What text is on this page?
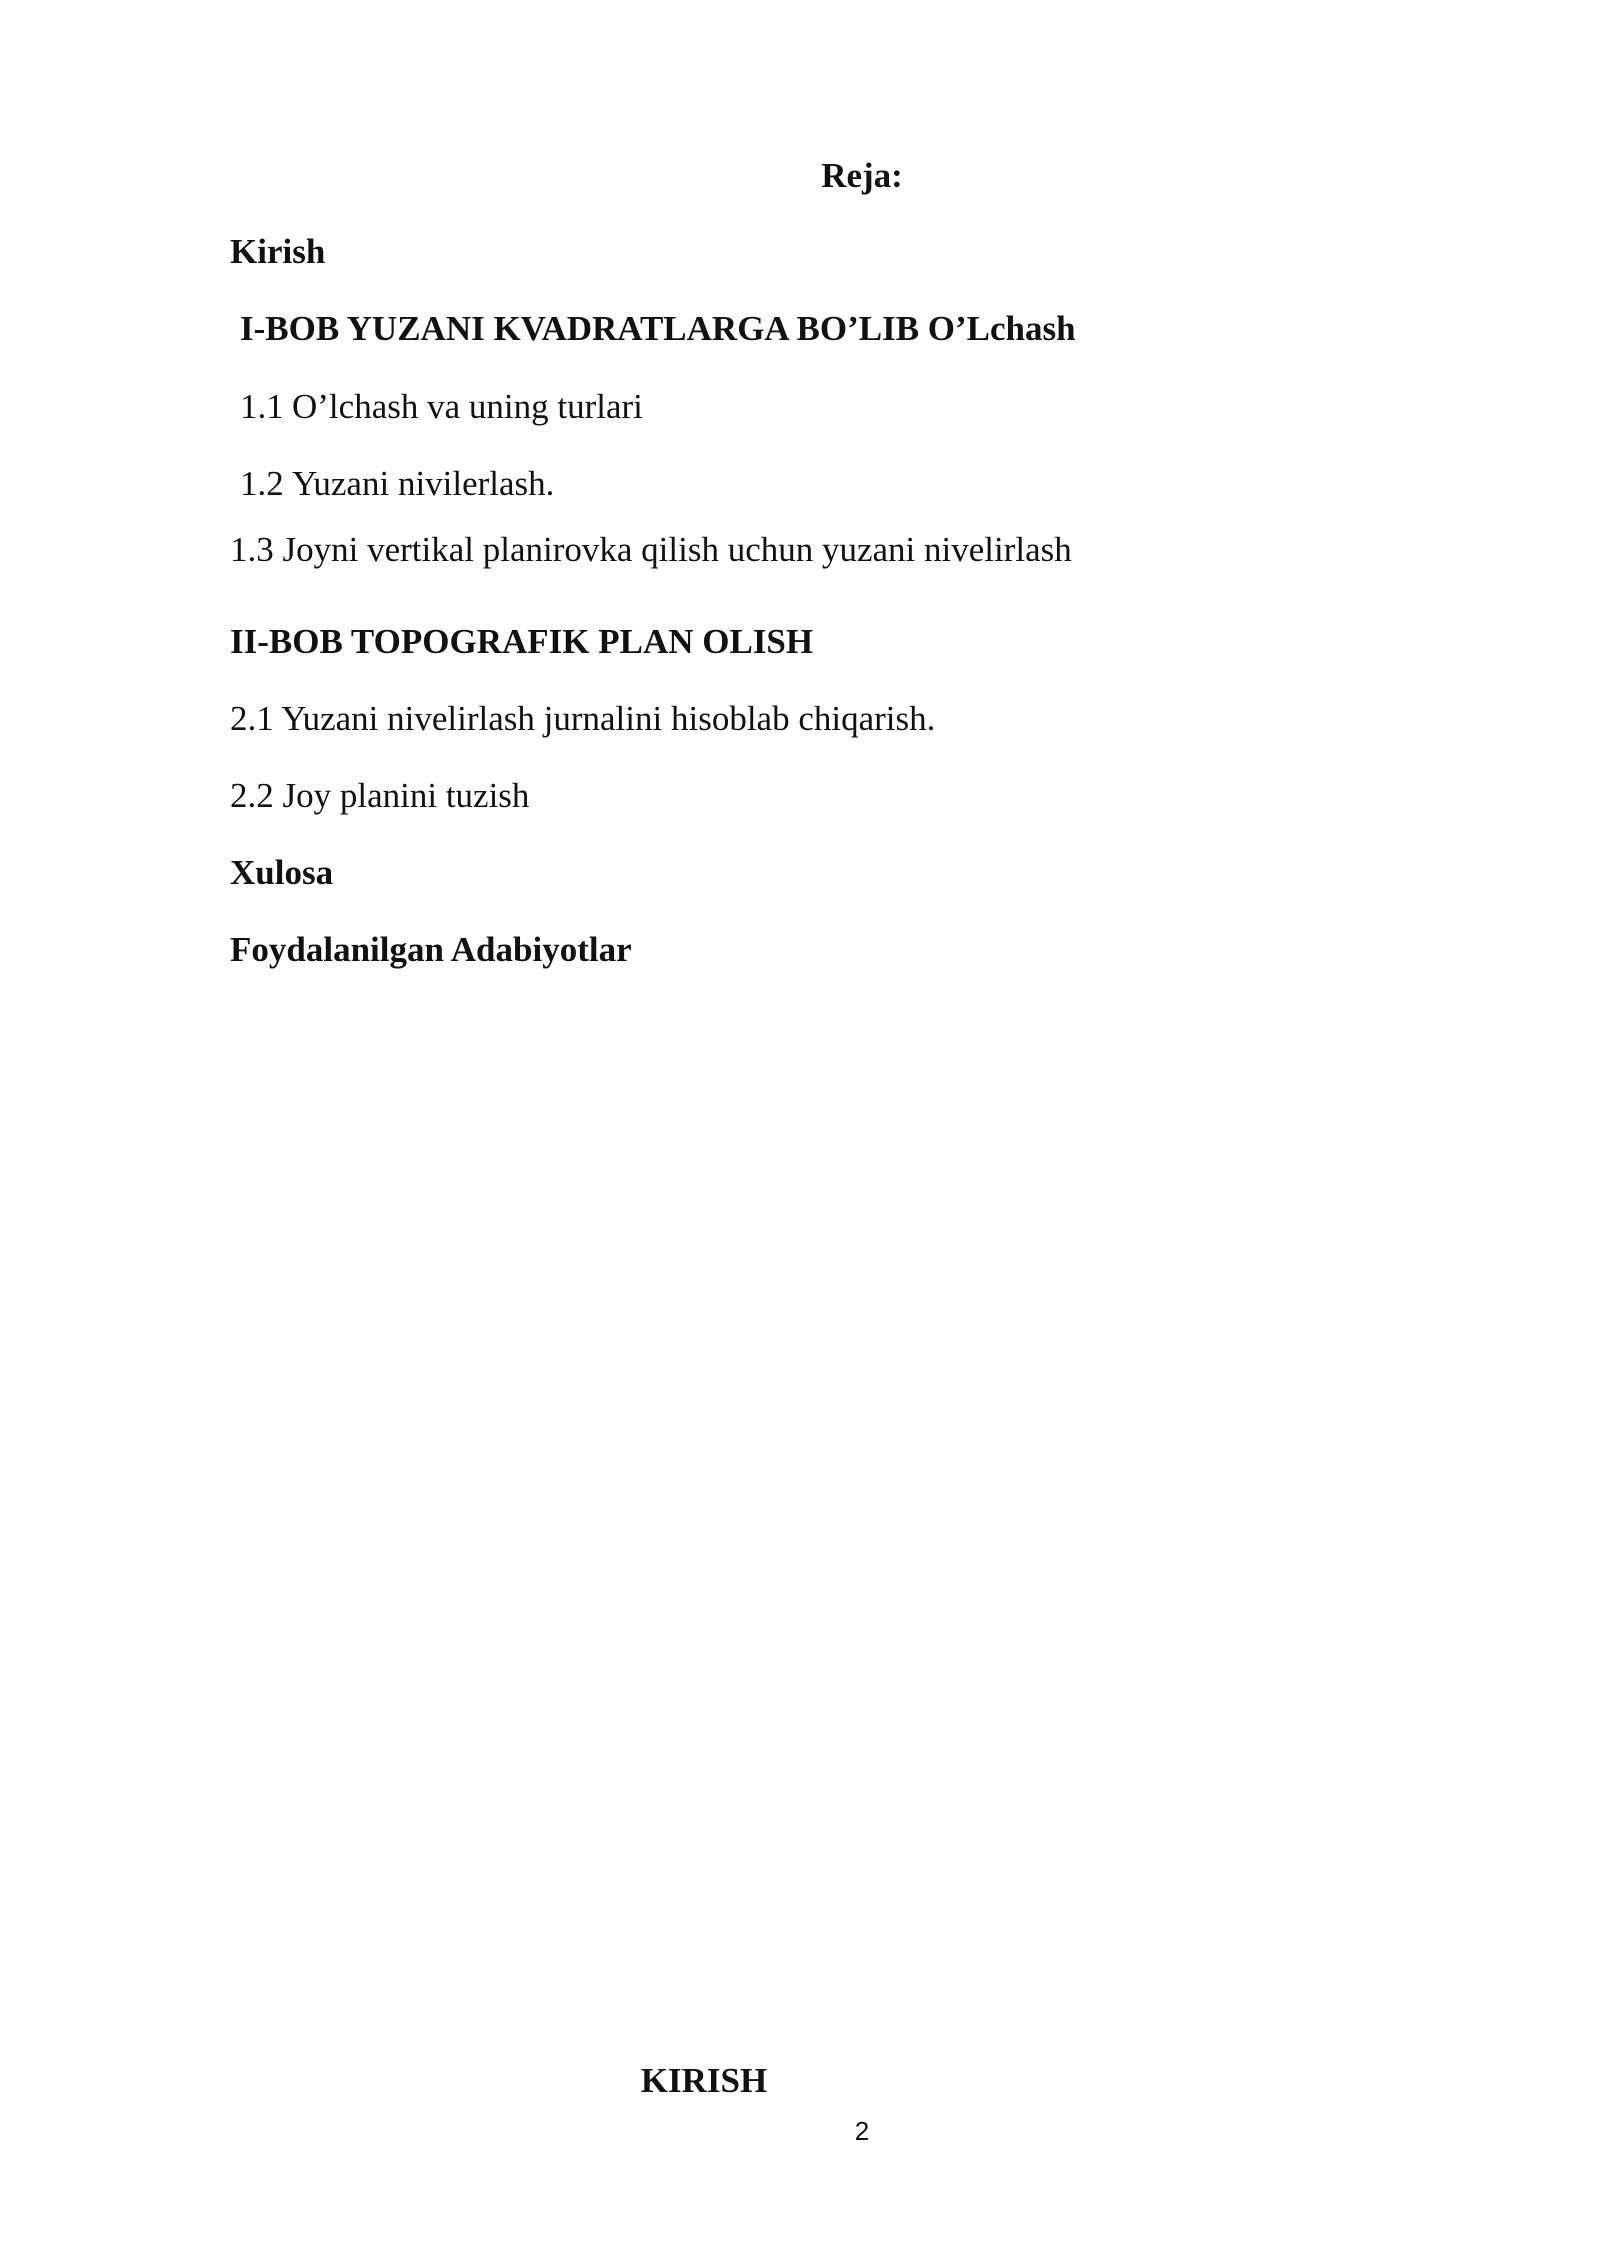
Reja:
Kirish
I-BOB YUZANI KVADRATLARGA BO’LIB O’Lchash
1.1 O’lchash va uning turlari
1.2 Yuzani nivilerlash.
1.3 Joyni vertikal planirovka qilish uchun yuzani nivelirlash
II-BOB TOPOGRAFIK PLAN OLISH
2.1 Yuzani nivelirlash jurnalini hisoblab chiqarish.
2.2 Joy planini tuzish
Xulosa
Foydalanilgan Adabiyotlar
KIRISH
2
